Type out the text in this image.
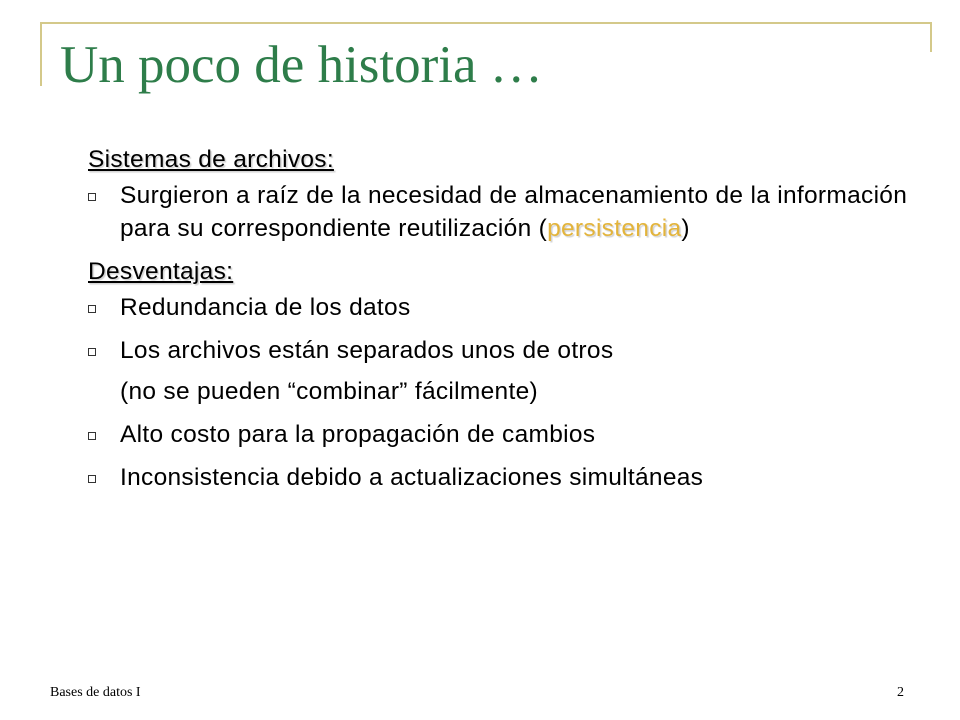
Un poco de historia …
Sistemas de archivos:
Surgieron a raíz de la necesidad de almacenamiento de la información para su correspondiente reutilización (persistencia)
Desventajas:
Redundancia de los datos
Los archivos están separados unos de otros
(no se pueden “combinar” fácilmente)
Alto costo para la propagación de cambios
Inconsistencia debido a actualizaciones simultáneas
Bases de datos I	2
